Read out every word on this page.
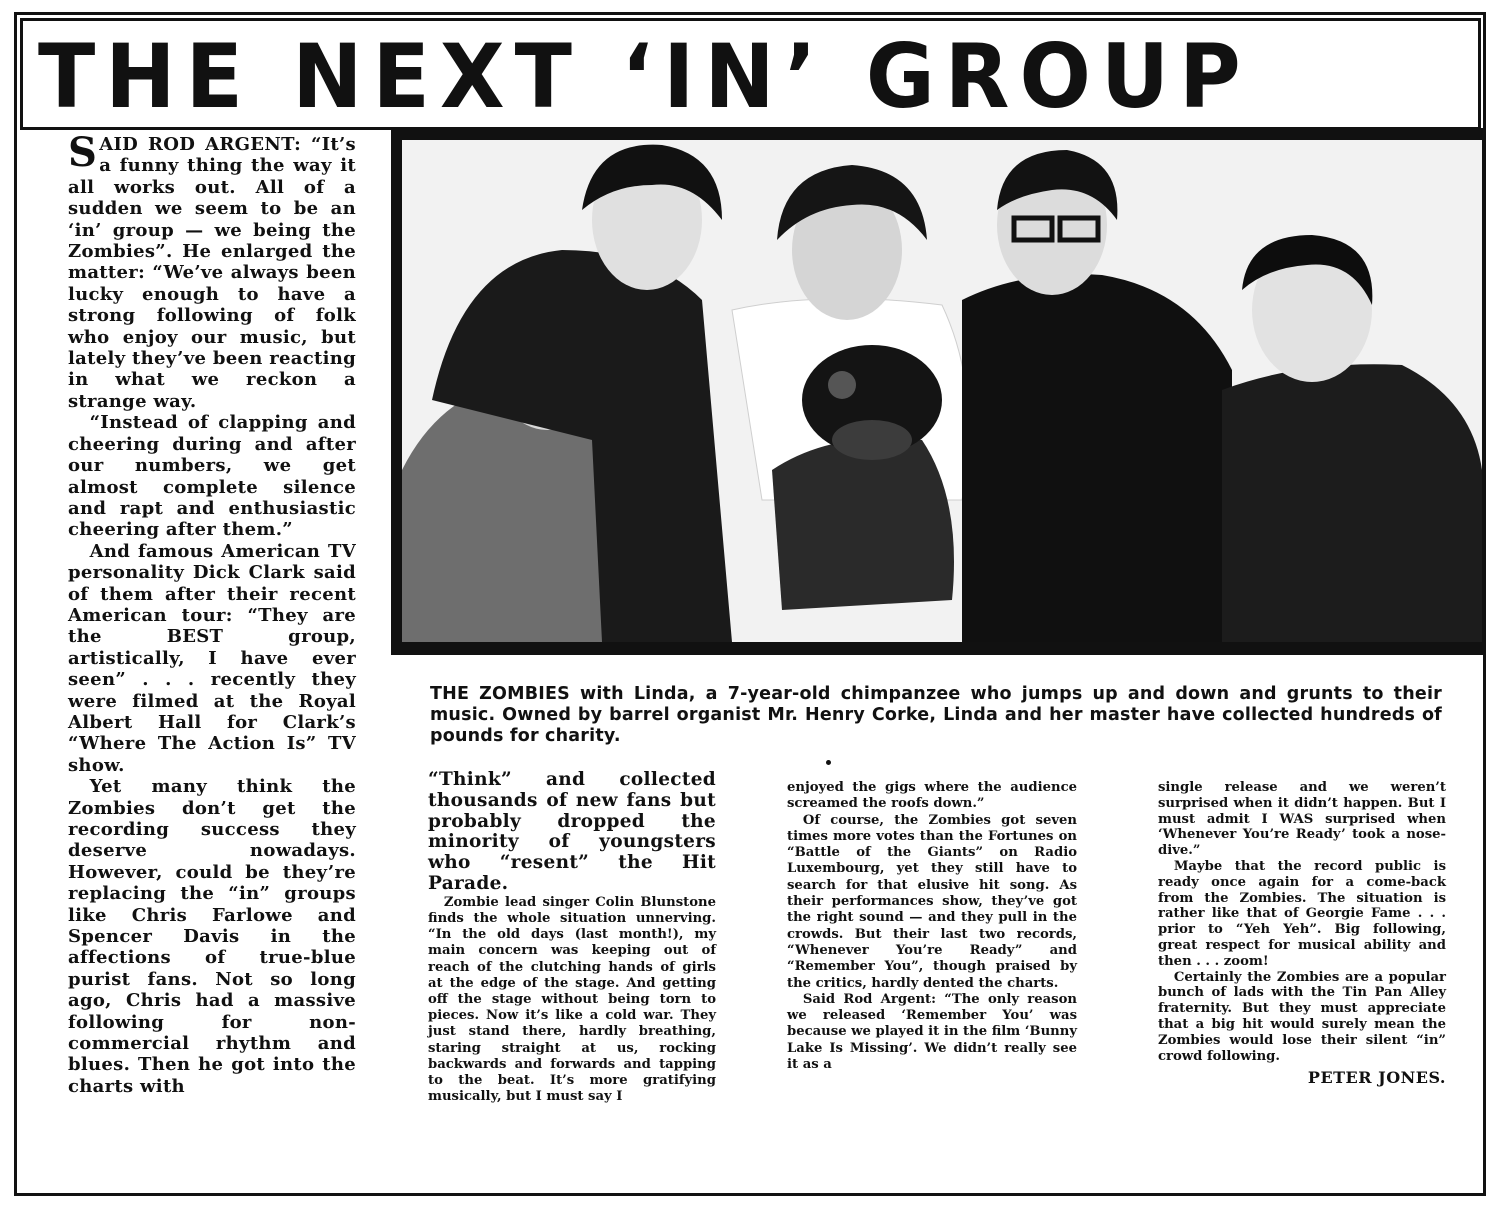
THE NEXT ‘IN’ GROUP

THE ZOMBIES with Linda, a 7-year-old chimpanzee who jumps up and down and grunts to their music. Owned by barrel organist Mr. Henry Corke, Linda and her master have collected hundreds of pounds for charity.

SAID ROD ARGENT: “It’s a funny thing the way it all works out. All of a sudden we seem to be an ‘in’ group — we being the Zombies”. He enlarged the matter: “We’ve always been lucky enough to have a strong following of folk who enjoy our music, but lately they’ve been reacting in what we reckon a strange way.

“Instead of clapping and cheering during and after our numbers, we get almost complete silence and rapt and enthusiastic cheering after them.”

And famous American TV personality Dick Clark said of them after their recent American tour: “They are the BEST group, artistically, I have ever seen” . . . recently they were filmed at the Royal Albert Hall for Clark’s “Where The Action Is” TV show.

Yet many think the Zombies don’t get the recording success they deserve nowadays. However, could be they’re replacing the “in” groups like Chris Farlowe and Spencer Davis in the affections of true-blue purist fans. Not so long ago, Chris had a massive following for non-commercial rhythm and blues. Then he got into the charts with

“Think” and collected thousands of new fans but probably dropped the minority of youngsters who “resent” the Hit Parade.

Zombie lead singer Colin Blunstone finds the whole situation unnerving. “In the old days (last month!), my main concern was keeping out of reach of the clutching hands of girls at the edge of the stage. And getting off the stage without being torn to pieces. Now it’s like a cold war. They just stand there, hardly breathing, staring straight at us, rocking backwards and forwards and tapping to the beat. It’s more gratifying musically, but I must say I

enjoyed the gigs where the audience screamed the roofs down.”

Of course, the Zombies got seven times more votes than the Fortunes on “Battle of the Giants” on Radio Luxembourg, yet they still have to search for that elusive hit song. As their performances show, they’ve got the right sound — and they pull in the crowds. But their last two records, “Whenever You’re Ready” and “Remember You”, though praised by the critics, hardly dented the charts.

Said Rod Argent: “The only reason we released ‘Remember You’ was because we played it in the film ‘Bunny Lake Is Missing’. We didn’t really see it as a

single release and we weren’t surprised when it didn’t happen. But I must admit I WAS surprised when ‘Whenever You’re Ready’ took a nose-dive.”

Maybe that the record public is ready once again for a come-back from the Zombies. The situation is rather like that of Georgie Fame . . . prior to “Yeh Yeh”. Big following, great respect for musical ability and then . . . zoom!

Certainly the Zombies are a popular bunch of lads with the Tin Pan Alley fraternity. But they must appreciate that a big hit would surely mean the Zombies would lose their silent “in” crowd following.

PETER JONES.
